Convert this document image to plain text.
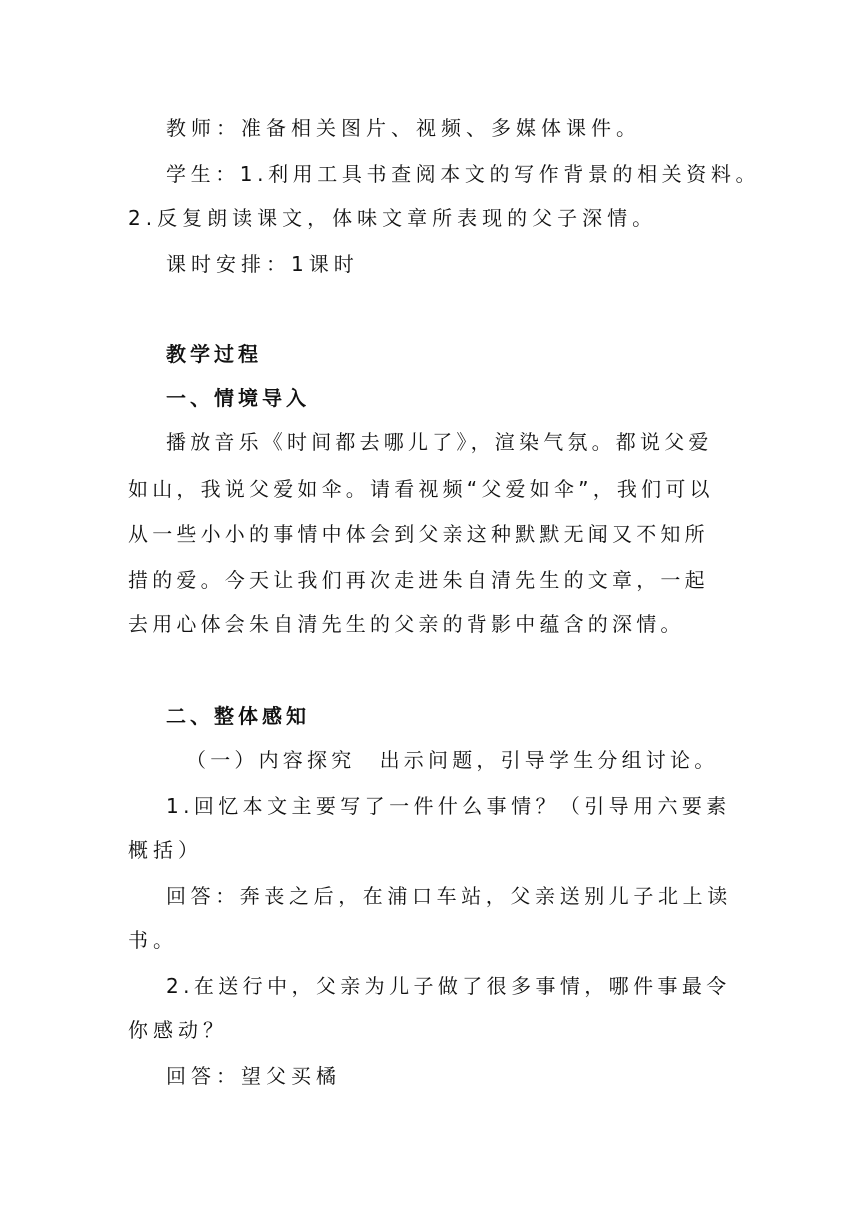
教师：准备相关图片、视频、多媒体课件。
学生：1.利用工具书查阅本文的写作背景的相关资料。
2.反复朗读课文，体味文章所表现的父子深情。
课时安排：1课时
教学过程
一、情境导入
播放音乐《时间都去哪儿了》，渲染气氛。都说父爱
如山，我说父爱如伞。请看视频“父爱如伞”，我们可以
从一些小小的事情中体会到父亲这种默默无闻又不知所
措的爱。今天让我们再次走进朱自清先生的文章，一起
去用心体会朱自清先生的父亲的背影中蕴含的深情。
二、整体感知
（一）内容探究　出示问题，引导学生分组讨论。
1.回忆本文主要写了一件什么事情？（引导用六要素
概括）
回答：奔丧之后，在浦口车站，父亲送别儿子北上读
书。
2.在送行中，父亲为儿子做了很多事情，哪件事最令
你感动？
回答：望父买橘
